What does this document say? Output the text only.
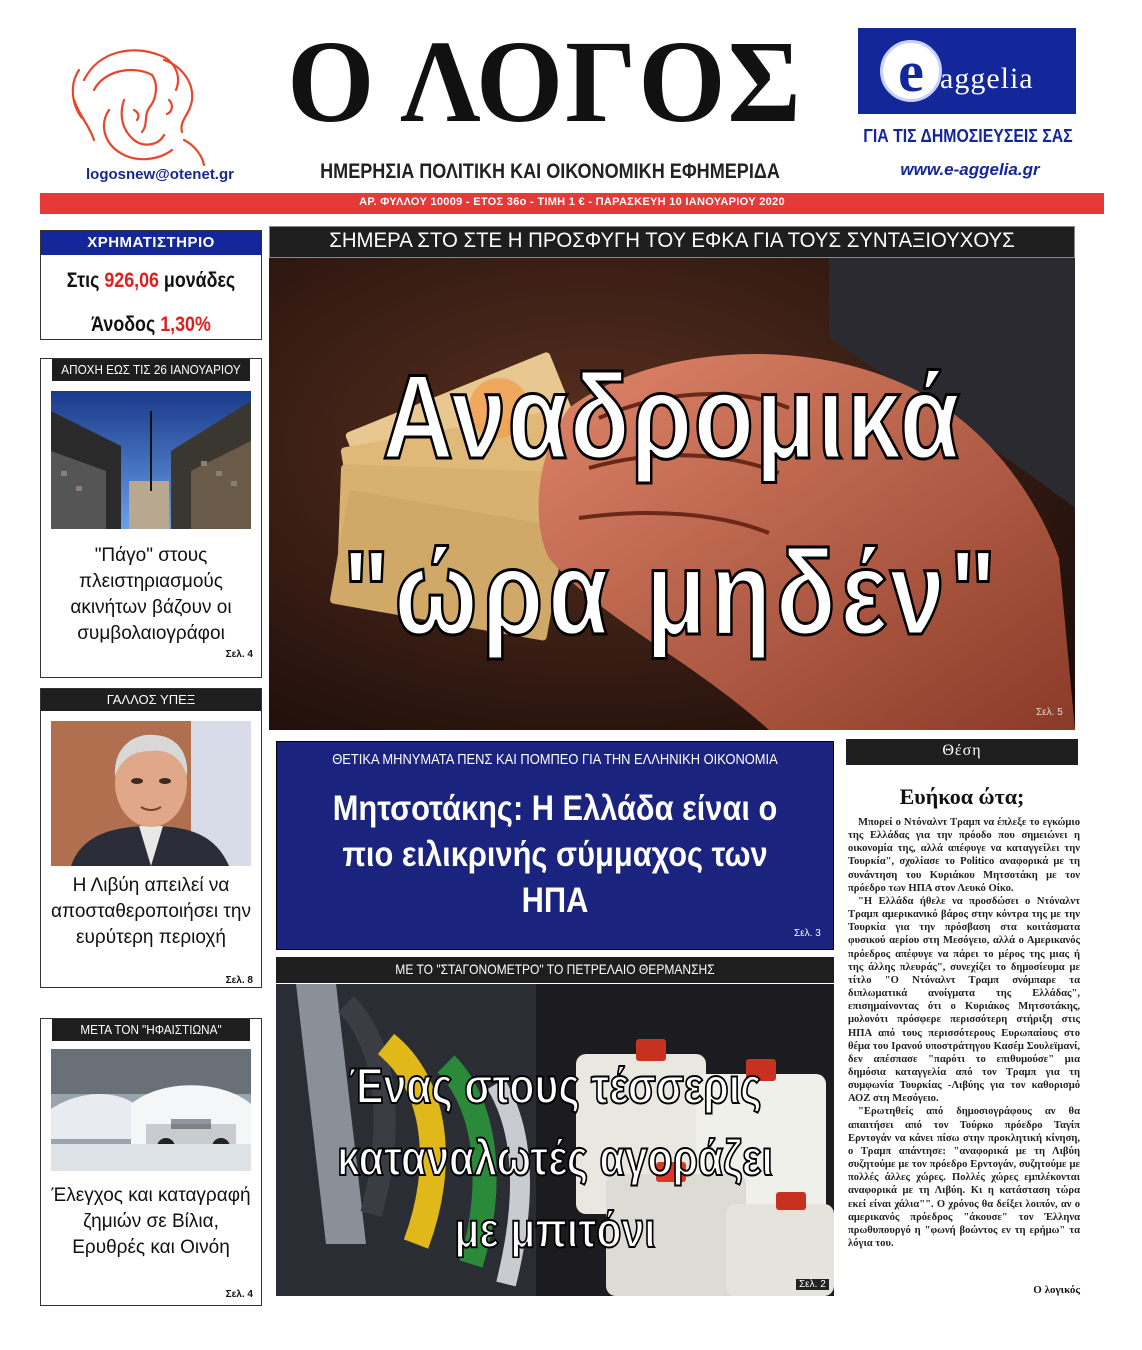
logosnew@otenet.gr
Ο ΛΟΓΟΣ
ΗΜΕΡΗΣΙΑ ΠΟΛΙΤΙΚΗ ΚΑΙ ΟΙΚΟΝΟΜΙΚΗ ΕΦΗΜΕΡΙΔΑ
e aggelia
ΓΙΑ ΤΙΣ ΔΗΜΟΣΙΕΥΣΕΙΣ ΣΑΣ
www.e-aggelia.gr
ΑΡ. ΦΥΛΛΟΥ 10009 - ΕΤΟΣ 36ο - ΤΙΜΗ 1 € - ΠΑΡΑΣΚΕΥΗ 10 ΙΑΝΟΥΑΡΙΟΥ 2020
ΧΡΗΜΑΤΙΣΤΗΡΙΟ
Στις 926,06 μονάδες
Άνοδος 1,30%
ΑΠΟΧΗ ΕΩΣ ΤΙΣ 26 ΙΑΝΟΥΑΡΙΟΥ
"Πάγο" στους πλειστηριασμούς ακινήτων βάζουν οι συμβολαιογράφοι
Σελ. 4
ΓΑΛΛΟΣ ΥΠΕΞ
Η Λιβύη απειλεί να αποσταθεροποιήσει την ευρύτερη περιοχή
Σελ. 8
ΜΕΤΑ ΤΟΝ "ΗΦΑΙΣΤΙΩΝΑ"
Έλεγχος και καταγραφή ζημιών σε Βίλια, Ερυθρές και Οινόη
Σελ. 4
ΣΗΜΕΡΑ ΣΤΟ ΣΤΕ Η ΠΡΟΣΦΥΓΗ ΤΟΥ ΕΦΚΑ ΓΙΑ ΤΟΥΣ ΣΥΝΤΑΞΙΟΥΧΟΥΣ
Αναδρομικά
"ώρα μηδέν"
Σελ. 5
ΘΕΤΙΚΑ ΜΗΝΥΜΑΤΑ ΠΕΝΣ ΚΑΙ ΠΟΜΠΕΟ ΓΙΑ ΤΗΝ ΕΛΛΗΝΙΚΗ ΟΙΚΟΝΟΜΙΑ
Μητσοτάκης: Η Ελλάδα είναι ο πιο ειλικρινής σύμμαχος των ΗΠΑ
Σελ. 3
ΜΕ ΤΟ "ΣΤΑΓΟΝΟΜΕΤΡΟ" ΤΟ ΠΕΤΡΕΛΑΙΟ ΘΕΡΜΑΝΣΗΣ
Ένας στους τέσσερις καταναλωτές αγοράζει με μπιτόνι
Σελ. 2
Θέση
Ευήκοα ώτα;

Μπορεί ο Ντόναλντ Τραμπ να έπλεξε το εγκώμιο της Ελλάδας για την πρόοδο που σημειώνει η οικονομία της, αλλά απέφυγε να καταγγείλει την Τουρκία", σχολίασε το Politico αναφορικά με τη συνάντηση του Κυριάκου Μητσοτάκη με τον πρόεδρο των ΗΠΑ στον Λευκό Οίκο.

"Η Ελλάδα ήθελε να προσδώσει ο Ντόναλντ Τραμπ αμερικανικό βάρος στην κόντρα της με την Τουρκία για την πρόσβαση στα κοιτάσματα φυσικού αερίου στη Μεσόγειο, αλλά ο Αμερικανός πρόεδρος απέφυγε να πάρει το μέρος της μιας ή της άλλης πλευράς", συνεχίζει το δημοσίευμα με τίτλο "Ο Ντόναλντ Τραμπ σνόμπαρε τα διπλωματικά ανοίγματα της Ελλάδας", επισημαίνοντας ότι ο Κυριάκος Μητσοτάκης, μολονότι πρόσφερε περισσότερη στήριξη στις ΗΠΑ από τους περισσότερους Ευρωπαίους στο θέμα του Ιρανού υποστράτηγου Κασέμ Σουλεϊμανί, δεν απέσπασε "παρότι το επιθυμούσε" μια δημόσια καταγγελία από τον Τραμπ για τη συμφωνία Τουρκίας -Λιβύης για τον καθορισμό ΑΟΖ στη Μεσόγειο.

"Ερωτηθείς από δημοσιογράφους αν θα απαιτήσει από τον Τούρκο πρόεδρο Ταγίπ Ερντογάν να κάνει πίσω στην προκλητική κίνηση, ο Τραμπ απάντησε: "αναφορικά με τη Λιβύη συζητούμε με τον πρόεδρο Ερντογάν, συζητούμε με πολλές άλλες χώρες. Πολλές χώρες εμπλέκονται αναφορικά με τη Λιβύη. Κι η κατάσταση τώρα εκεί είναι χάλια"". Ο χρόνος θα δείξει λοιπόν, αν ο αμερικανός πρόεδρος "άκουσε" τον Έλληνα πρωθυπουργό η "φωνή βοώντος εν τη ερήμω" τα λόγια του.

Ο λογικός
